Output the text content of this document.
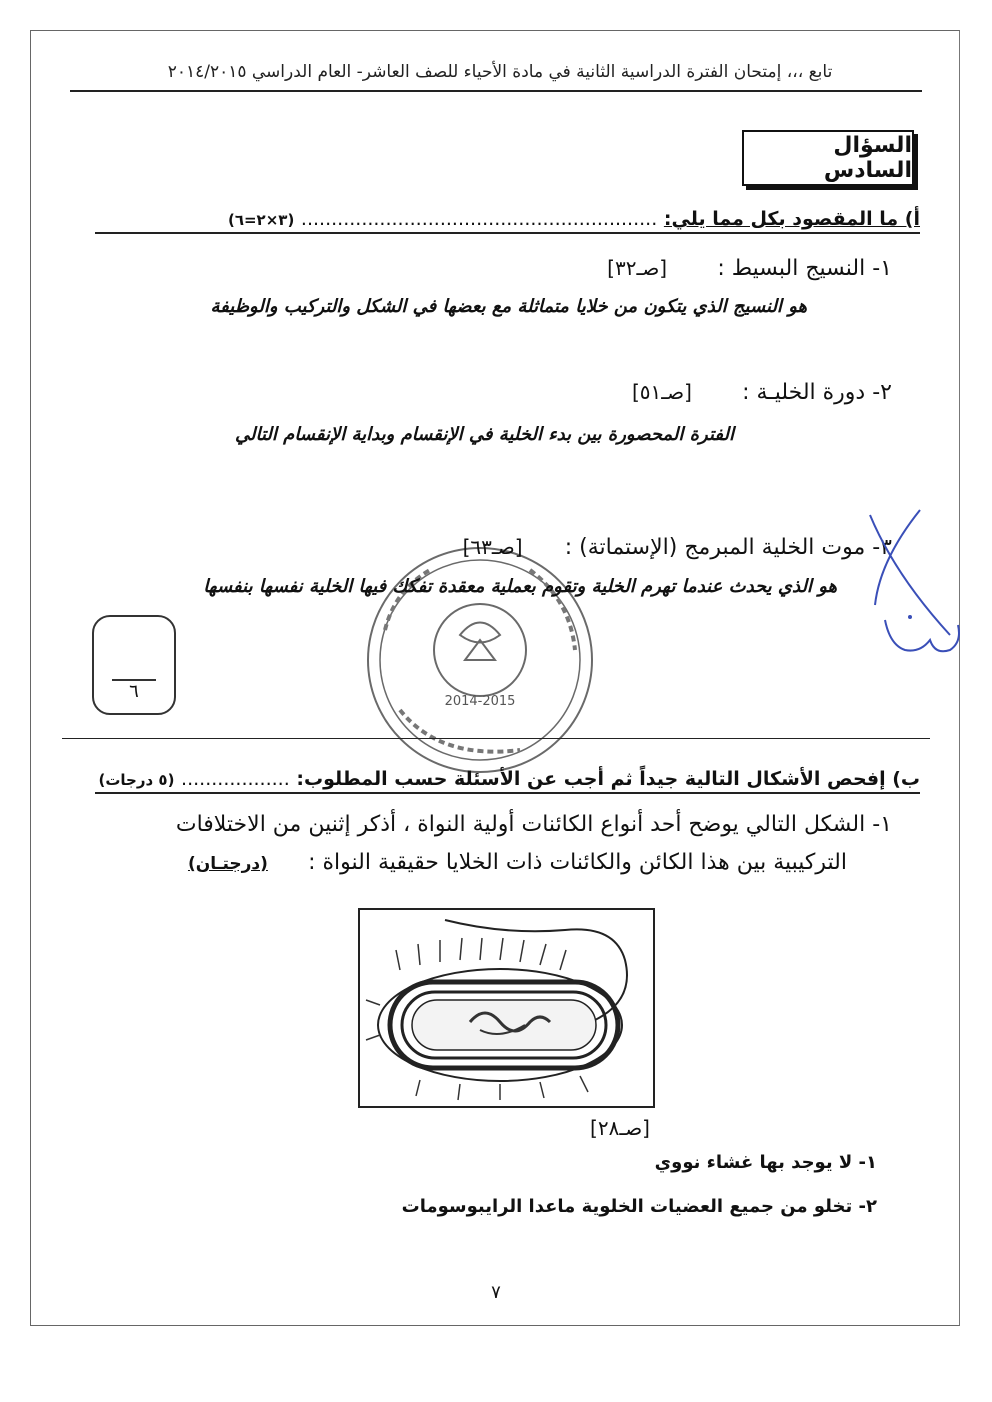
تابع ،،، إمتحان الفترة الدراسية الثانية في مادة الأحياء للصف العاشر- العام الدراسي ٢٠١٤/٢٠١٥
السؤال السادس
أ) ما المقصود بكل مما يلي: ........................................................... (٣×٢=٦)
١- النسيج البسيط :  [صـ٣٢]
هو النسيج الذي يتكون من خلايا متماثلة مع بعضها في الشكل والتركيب والوظيفة
٢- دورة الخليـة :  [صـ٥١]
الفترة المحصورة بين بدء الخلية في الإنقسام وبداية الإنقسام التالي
2014-2015
٣- موت الخلية المبرمج (الإستماتة) :  [صـ٦٣]
هو الذي يحدث عندما تهرم الخلية وتقوم بعملية معقدة تفكك فيها الخلية نفسها بنفسها
٦
ب) إفحص الأشكال التالية جيداً ثم أجب عن الأسئلة حسب المطلوب: .................. (٥ درجات)
١- الشكل التالي يوضح أحد أنواع الكائنات أولية النواة ، أذكر إثنين من الاختلافات
التركيبية بين هذا الكائن والكائنات ذات الخلايا حقيقية النواة :  (درجتـان)
[صـ٢٨]
١- لا يوجد بها غشاء نووي
٢- تخلو من جميع العضيات الخلوية ماعدا الرايبوسومات
٧
